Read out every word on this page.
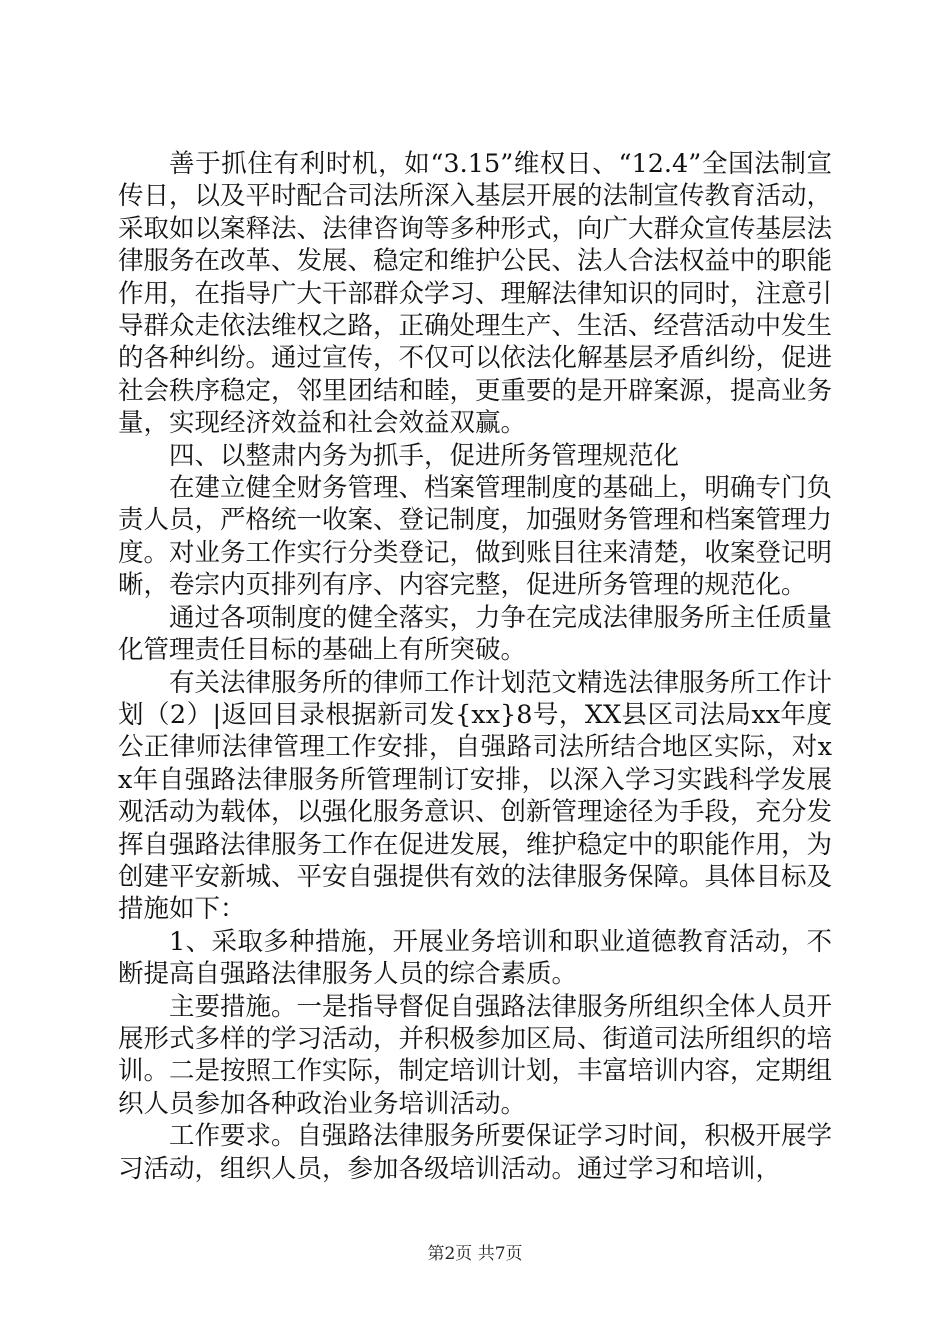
善于抓住有利时机，如“3.15”维权日、“12.4”全国法制宣传日，以及平时配合司法所深入基层开展的法制宣传教育活动，采取如以案释法、法律咨询等多种形式，向广大群众宣传基层法律服务在改革、发展、稳定和维护公民、法人合法权益中的职能作用，在指导广大干部群众学习、理解法律知识的同时，注意引导群众走依法维权之路，正确处理生产、生活、经营活动中发生的各种纠纷。通过宣传，不仅可以依法化解基层矛盾纠纷，促进社会秩序稳定，邻里团结和睦，更重要的是开辟案源，提高业务量，实现经济效益和社会效益双赢。

四、以整肃内务为抓手，促进所务管理规范化

在建立健全财务管理、档案管理制度的基础上，明确专门负责人员，严格统一收案、登记制度，加强财务管理和档案管理力度。对业务工作实行分类登记，做到账目往来清楚，收案登记明晰，卷宗内页排列有序、内容完整，促进所务管理的规范化。

通过各项制度的健全落实，力争在完成法律服务所主任质量化管理责任目标的基础上有所突破。

有关法律服务所的律师工作计划范文精选法律服务所工作计划（2）|返回目录根据新司发{xx}8号，XX县区司法局xx年度公正律师法律管理工作安排，自强路司法所结合地区实际，对xx年自强路法律服务所管理制订安排，以深入学习实践科学发展观活动为载体，以强化服务意识、创新管理途径为手段，充分发挥自强路法律服务工作在促进发展，维护稳定中的职能作用，为创建平安新城、平安自强提供有效的法律服务保障。具体目标及措施如下：

1、采取多种措施，开展业务培训和职业道德教育活动，不断提高自强路法律服务人员的综合素质。

主要措施。一是指导督促自强路法律服务所组织全体人员开展形式多样的学习活动，并积极参加区局、街道司法所组织的培训。二是按照工作实际，制定培训计划，丰富培训内容，定期组织人员参加各种政治业务培训活动。

工作要求。自强路法律服务所要保证学习时间，积极开展学习活动，组织人员，参加各级培训活动。通过学习和培训，

第2页 共7页
